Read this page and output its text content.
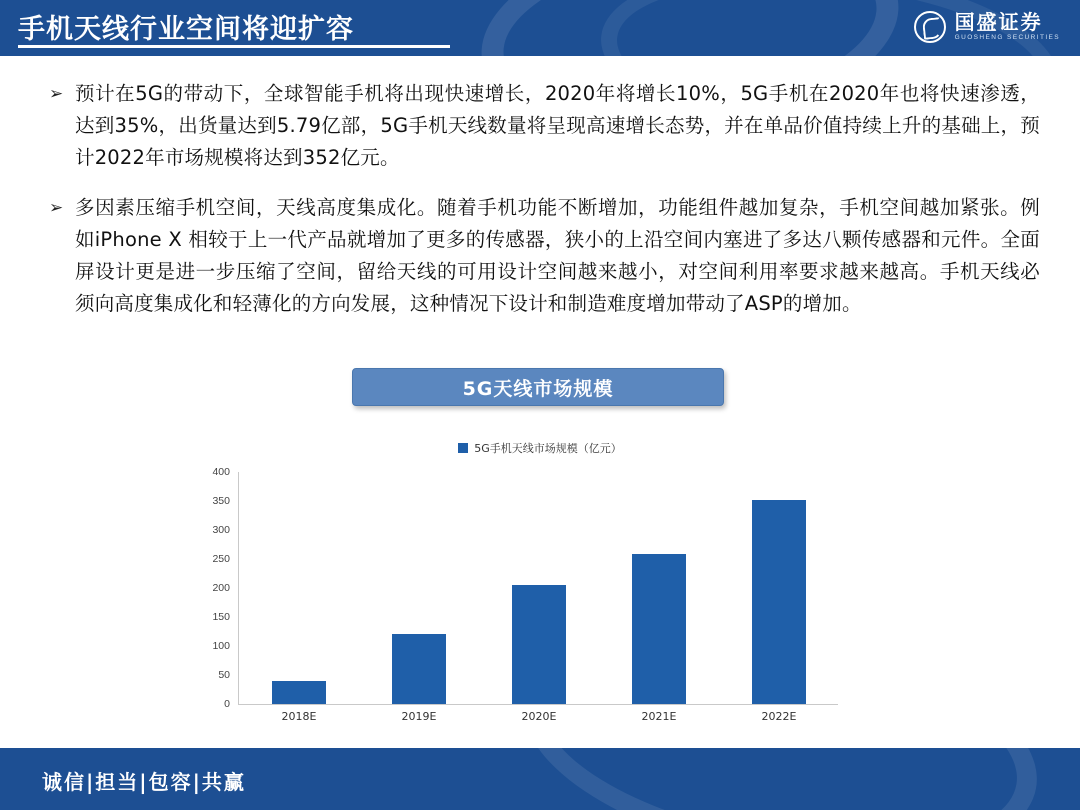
手机天线行业空间将迎扩容	国盛证券
GUOSHENG SECURITIES
➢ 预计在5G的带动下，全球智能手机将出现快速增长，2020年将增长10%，5G手机在2020年也将快速渗透，达到35%，出货量达到5.79亿部，5G手机天线数量将呈现高速增长态势，并在单品价值持续上升的基础上，预计2022年市场规模将达到352亿元。
➢ 多因素压缩手机空间，天线高度集成化。随着手机功能不断增加，功能组件越加复杂，手机空间越加紧张。例如iPhone X 相较于上一代产品就增加了更多的传感器，狭小的上沿空间内塞进了多达八颗传感器和元件。全面屏设计更是进一步压缩了空间，留给天线的可用设计空间越来越小，对空间利用率要求越来越高。手机天线必须向高度集成化和轻薄化的方向发展，这种情况下设计和制造难度增加带动了ASP的增加。
5G天线市场规模
5G手机天线市场规模（亿元）
0
50
100
150
200
250
300
350
400
2018E	2019E	2020E	2021E	2022E
诚信|担当|包容|共赢
